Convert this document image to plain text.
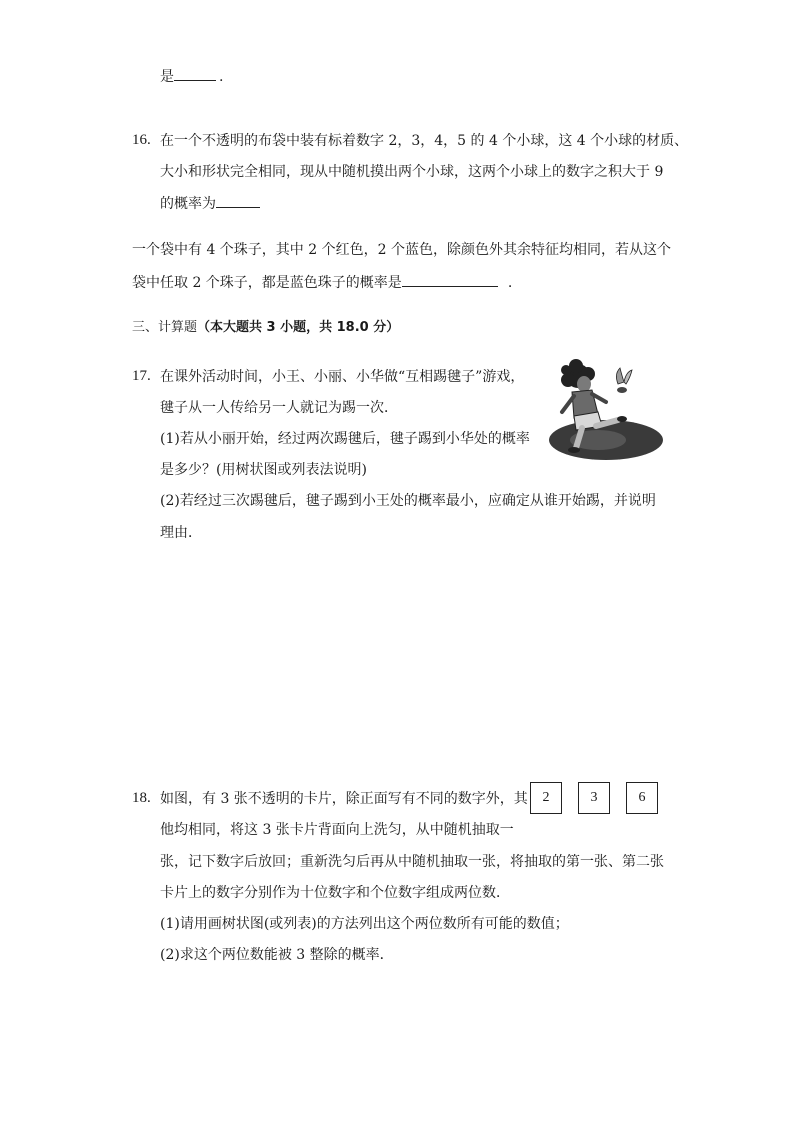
是	.
16. 在一个不透明的布袋中装有标着数字 2，3，4，5 的 4 个小球，这 4 个小球的材质、
大小和形状完全相同，现从中随机摸出两个小球，这两个小球上的数字之积大于 9
的概率为
一个袋中有 4 个珠子，其中 2 个红色，2 个蓝色，除颜色外其余特征均相同，若从这个
袋中任取 2 个珠子，都是蓝色珠子的概率是	.
三、计算题（本大题共 3 小题，共 18.0 分）
17. 在课外活动时间，小王、小丽、小华做“互相踢毽子”游戏，
毽子从一人传给另一人就记为踢一次．
(1)若从小丽开始，经过两次踢毽后，毽子踢到小华处的概率
是多少？(用树状图或列表法说明)
(2)若经过三次踢毽后，毽子踢到小王处的概率最小，应确定从谁开始踢，并说明
理由．
18. 如图，有 3 张不透明的卡片，除正面写有不同的数字外，其
他均相同，将这 3 张卡片背面向上洗匀，从中随机抽取一
张，记下数字后放回；重新洗匀后再从中随机抽取一张，将抽取的第一张、第二张
卡片上的数字分别作为十位数字和个位数字组成两位数．
(1)请用画树状图(或列表)的方法列出这个两位数所有可能的数值；
(2)求这个两位数能被 3 整除的概率．
2	3	6
